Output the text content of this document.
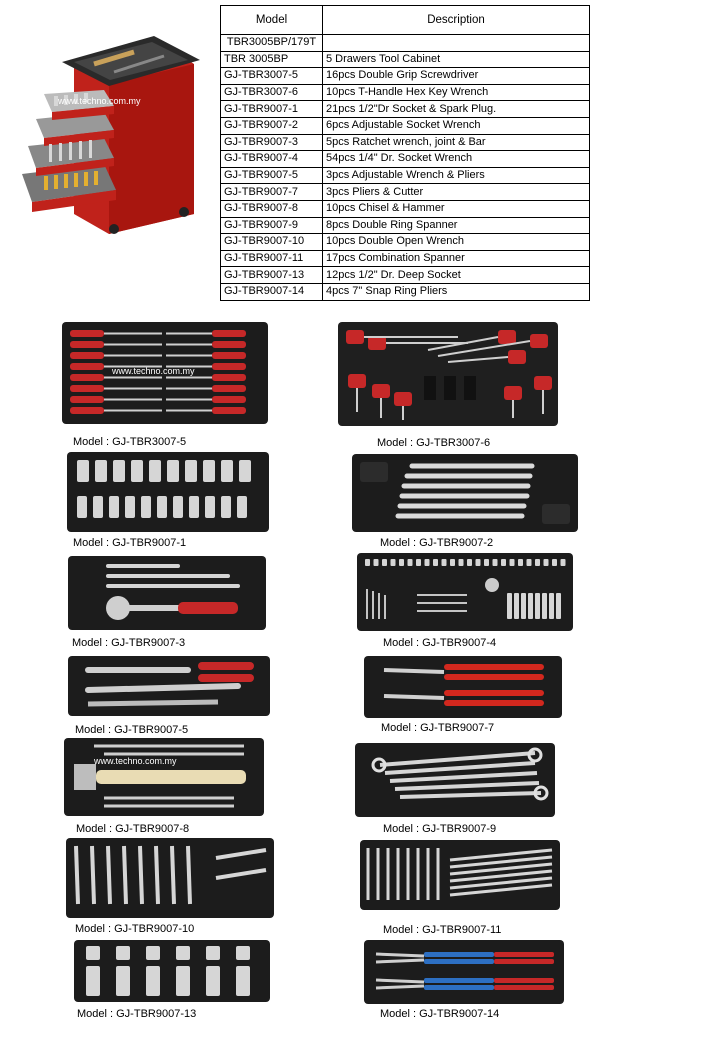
www.techno.com.my
Model	Description
TBR3005BP/179T	
TBR 3005BP	5 Drawers Tool Cabinet
GJ-TBR3007-5	16pcs Double Grip Screwdriver
GJ-TBR3007-6	10pcs T-Handle Hex Key Wrench
GJ-TBR9007-1	21pcs 1/2"Dr Socket & Spark Plug.
GJ-TBR9007-2	6pcs Adjustable Socket Wrench
GJ-TBR9007-3	5pcs Ratchet wrench, joint & Bar
GJ-TBR9007-4	54pcs 1/4" Dr. Socket Wrench
GJ-TBR9007-5	3pcs Adjustable Wrench & Pliers
GJ-TBR9007-7	3pcs Pliers & Cutter
GJ-TBR9007-8	10pcs Chisel & Hammer
GJ-TBR9007-9	8pcs Double Ring Spanner
GJ-TBR9007-10	10pcs Double Open Wrench
GJ-TBR9007-11	17pcs Combination Spanner
GJ-TBR9007-13	12pcs 1/2" Dr. Deep Socket
GJ-TBR9007-14	4pcs 7" Snap Ring Pliers
www.techno.com.my
Model : GJ-TBR3007-5	Model : GJ-TBR3007-6
Model : GJ-TBR9007-1	Model : GJ-TBR9007-2
Model : GJ-TBR9007-3	Model : GJ-TBR9007-4
Model : GJ-TBR9007-5	Model : GJ-TBR9007-7
www.techno.com.my
Model : GJ-TBR9007-8	Model : GJ-TBR9007-9
Model : GJ-TBR9007-10	Model : GJ-TBR9007-11
Model : GJ-TBR9007-13	Model : GJ-TBR9007-14
